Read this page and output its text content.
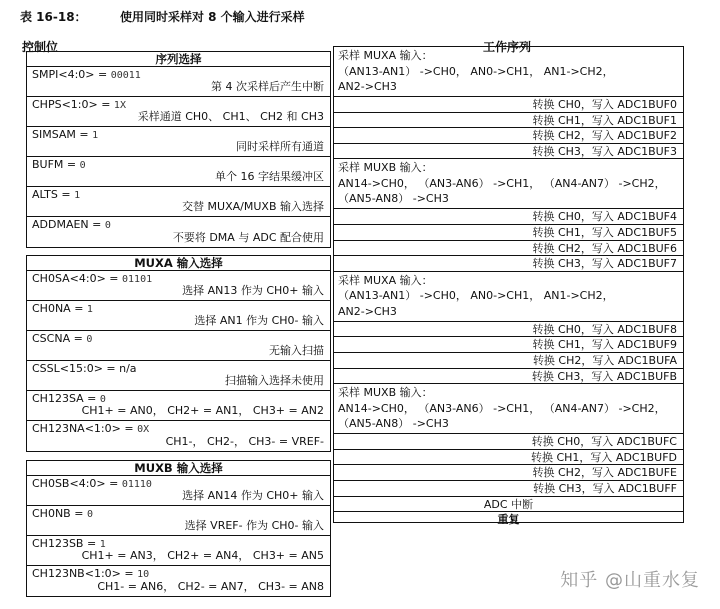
表 16-18：        使用同时采样对 8 个输入进行采样
控制位	工作序列
序列选择
SMPI<4:0> = 00011
第 4 次采样后产生中断
CHPS<1:0> = 1X
采样通道 CH0、 CH1、 CH2 和 CH3
SIMSAM = 1
同时采样所有通道
BUFM = 0
单个 16 字结果缓冲区
ALTS = 1
交替 MUXA/MUXB 输入选择
ADDMAEN = 0
不要将 DMA 与 ADC 配合使用
MUXA 输入选择
CH0SA<4:0> = 01101
选择 AN13 作为 CH0+ 输入
CH0NA = 1
选择 AN1 作为 CH0- 输入
CSCNA = 0
无输入扫描
CSSL<15:0> = n/a
扫描输入选择未使用
CH123SA = 0
CH1+ = AN0， CH2+ = AN1， CH3+ = AN2
CH123NA<1:0> = 0X
CH1-， CH2-， CH3- = VREF-
MUXB 输入选择
CH0SB<4:0> = 01110
选择 AN14 作为 CH0+ 输入
CH0NB = 0
选择 VREF- 作为 CH0- 输入
CH123SB = 1
CH1+ = AN3， CH2+ = AN4， CH3+ = AN5
CH123NB<1:0> = 10
CH1- = AN6， CH2- = AN7， CH3- = AN8
采样 MUXA 输入：
（AN13-AN1） ->CH0， AN0->CH1， AN1->CH2，
AN2->CH3
转换 CH0，写入 ADC1BUF0
转换 CH1，写入 ADC1BUF1
转换 CH2，写入 ADC1BUF2
转换 CH3，写入 ADC1BUF3
采样 MUXB 输入：
AN14->CH0， （AN3-AN6） ->CH1， （AN4-AN7） ->CH2，
（AN5-AN8） ->CH3
转换 CH0，写入 ADC1BUF4
转换 CH1，写入 ADC1BUF5
转换 CH2，写入 ADC1BUF6
转换 CH3，写入 ADC1BUF7
采样 MUXA 输入：
（AN13-AN1） ->CH0， AN0->CH1， AN1->CH2，
AN2->CH3
转换 CH0，写入 ADC1BUF8
转换 CH1，写入 ADC1BUF9
转换 CH2，写入 ADC1BUFA
转换 CH3，写入 ADC1BUFB
采样 MUXB 输入：
AN14->CH0， （AN3-AN6） ->CH1， （AN4-AN7） ->CH2，
（AN5-AN8） ->CH3
转换 CH0，写入 ADC1BUFC
转换 CH1，写入 ADC1BUFD
转换 CH2，写入 ADC1BUFE
转换 CH3，写入 ADC1BUFF
ADC 中断
重复
知乎 @山重水复
